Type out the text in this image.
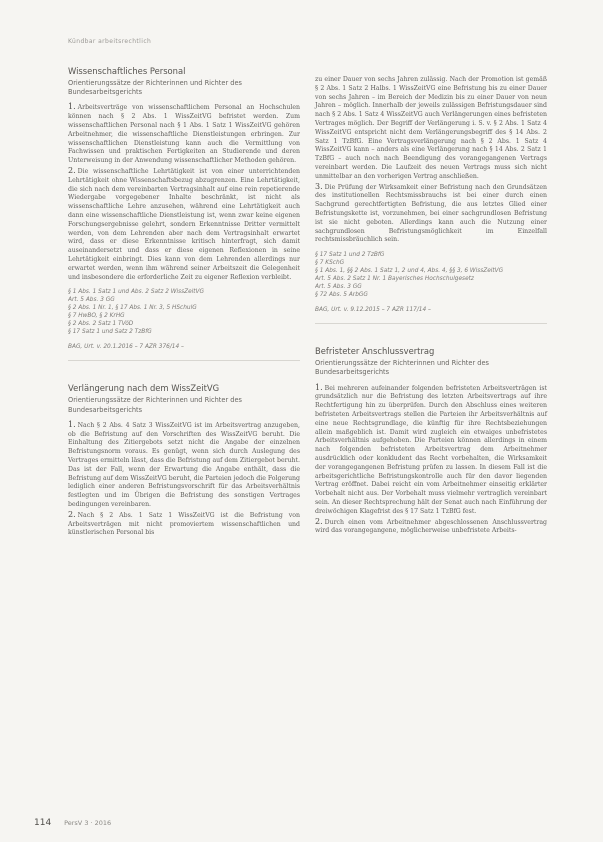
Kündbar arbeitsrechtlich
Wissenschaftliches Personal
Orientierungssätze der Richterinnen und Richter des Bundesarbeitsgerichts

1. Arbeitsverträge von wissenschaftlichem Personal an Hochschulen können nach § 2 Abs. 1 WissZeitVG befristet werden. Zum wissenschaftlichen Personal nach § 1 Abs. 1 Satz 1 WissZeitVG gehören Arbeitnehmer, die wissenschaftliche Dienstleistungen erbringen. Zur wissenschaftlichen Dienstleistung kann auch die Vermittlung von Fachwissen und praktischen Fertigkeiten an Studierende und deren Unterweisung in der Anwendung wissenschaftlicher Methoden gehören.

2. Die wissenschaftliche Lehrtätigkeit ist von einer unterrichtenden Lehrtätigkeit ohne Wissenschaftsbezug abzugrenzen. Eine Lehrtätigkeit, die sich nach dem vereinbarten Vertragsinhalt auf eine rein repetierende Wiedergabe vorgegebener Inhalte beschränkt, ist nicht als wissenschaftliche Lehre anzusehen, während eine Lehrtätigkeit auch dann eine wissenschaftliche Dienstleistung ist, wenn zwar keine eigenen Forschungsergebnisse gelehrt, sondern Erkenntnisse Dritter vermittelt werden, von dem Lehrenden aber nach dem Vertragsinhalt erwartet wird, dass er diese Erkenntnisse kritisch hinterfragt, sich damit auseinandersetzt und dass er diese eigenen Reflexionen in seine Lehrtätigkeit einbringt. Dies kann von dem Lehrenden allerdings nur erwartet werden, wenn ihm während seiner Arbeitszeit die Gelegenheit und insbesondere die erforderliche Zeit zu eigener Reflexion verbleibt.

§ 1 Abs. 1 Satz 1 und Abs. 2 Satz 2 WissZeitVG
Art. 5 Abs. 3 GG
§ 2 Abs. 1 Nr. 1, § 17 Abs. 1 Nr. 3, 5 HSchulG
§ 7 HwBO, § 2 KrHG
§ 2 Abs. 2 Satz 1 TVöD
§ 17 Satz 1 und Satz 2 TzBfG
BAG, Urt. v. 20.1.2016 – 7 AZR 376/14 –
Verlängerung nach dem WissZeitVG
Orientierungssätze der Richterinnen und Richter des Bundesarbeitsgerichts

1. Nach § 2 Abs. 4 Satz 3 WissZeitVG ist im Arbeitsvertrag anzugeben, ob die Befristung auf den Vorschriften des WissZeitVG beruht. Die Einhaltung des Zitiergebots setzt nicht die Angabe der einzelnen Befristungsnorm voraus. Es genügt, wenn sich durch Auslegung des Vertrages ermitteln lässt, dass die Befristung auf dem Zitiergebot beruht. Das ist der Fall, wenn der Erwartung die Angabe enthält, dass die Befristung auf dem WissZeitVG beruht, die Parteien jedoch die Folgerung lediglich einer anderen Befristungsvorschrift für das Arbeitsverhältnis festlegten und im Übrigen die Befristung des sonstigen Vertrages bedingungen vereinbaren.

2. Nach § 2 Abs. 1 Satz 1 WissZeitVG ist die Befristung von Arbeitsverträgen mit nicht promoviertem wissenschaftlichen und künstlerischen Personal bis

zu einer Dauer von sechs Jahren zulässig. Nach der Promotion ist gemäß § 2 Abs. 1 Satz 2 Halbs. 1 WissZeitVG eine Befristung bis zu einer Dauer von sechs Jahren – im Bereich der Medizin bis zu einer Dauer von neun Jahren – möglich. Innerhalb der jeweils zulässigen Befristungsdauer sind nach § 2 Abs. 1 Satz 4 WissZeitVG auch Verlängerungen eines befristeten Vertrages möglich. Der Begriff der Verlängerung i. S. v. § 2 Abs. 1 Satz 4 WissZeitVG entspricht nicht dem Verlängerungsbegriff des § 14 Abs. 2 Satz 1 TzBfG. Eine Vertragsverlängerung nach § 2 Abs. 1 Satz 4 WissZeitVG kann – anders als eine Verlängerung nach § 14 Abs. 2 Satz 1 TzBfG – auch noch nach Beendigung des vorangegangenen Vertrags vereinbart werden. Die Laufzeit des neuen Vertrags muss sich nicht unmittelbar an den vorherigen Vertrag anschließen.

3. Die Prüfung der Wirksamkeit einer Befristung nach den Grundsätzen des institutionellen Rechtsmissbrauchs ist bei einer durch einen Sachgrund gerechtfertigten Befristung, die aus letztes Glied einer Befristungskette ist, vorzunehmen, bei einer sachgrundlosen Befristung ist sie nicht geboten. Allerdings kann auch die Nutzung einer sachgrundlosen Befristungsmöglichkeit im Einzelfall rechtsmissbräuchlich sein.

§ 17 Satz 1 und 2 TzBfG
§ 7 KSchG
§ 1 Abs. 1, §§ 2 Abs. 1 Satz 1, 2 und 4, Abs. 4, §§ 3, 6 WissZeitVG
Art. 5 Abs. 2 Satz 1 Nr. 1 Bayerisches Hochschulgesetz
Art. 5 Abs. 3 GG
§ 72 Abs. 5 ArbGG
BAG, Urt. v. 9.12.2015 – 7 AZR 117/14 –
Befristeter Anschlussvertrag
Orientierungssätze der Richterinnen und Richter des Bundesarbeitsgerichts

1. Bei mehreren aufeinander folgenden befristeten Arbeitsverträgen ist grundsätzlich nur die Befristung des letzten Arbeitsvertrags auf ihre Rechtfertigung hin zu überprüfen. Durch den Abschluss eines weiteren befristeten Arbeitsvertrags stellen die Parteien ihr Arbeitsverhältnis auf eine neue Rechtsgrundlage, die künftig für ihre Rechtsbeziehungen allein maßgeblich ist. Damit wird zugleich ein etwaiges unbefristetes Arbeitsverhältnis aufgehoben. Die Parteien können allerdings in einem nach folgenden befristeten Arbeitsvertrag dem Arbeitnehmer ausdrücklich oder konkludent das Recht vorbehalten, die Wirksamkeit der vorangegangenen Befristung prüfen zu lassen. In diesem Fall ist die arbeitsgerichtliche Befristungskontrolle auch für den davor liegenden Vertrag eröffnet. Dabei reicht ein vom Arbeitnehmer einseitig erklärter Vorbehalt nicht aus. Der Vorbehalt muss vielmehr vertraglich vereinbart sein. An dieser Rechtsprechung hält der Senat auch nach Einführung der dreiwöchigen Klagefrist des § 17 Satz 1 TzBfG fest.

2. Durch einen vom Arbeitnehmer abgeschlossenen Anschlussvertrag wird das vorangegangene, möglicherweise unbefristete Arbeits-

114 PersV 3 · 2016
